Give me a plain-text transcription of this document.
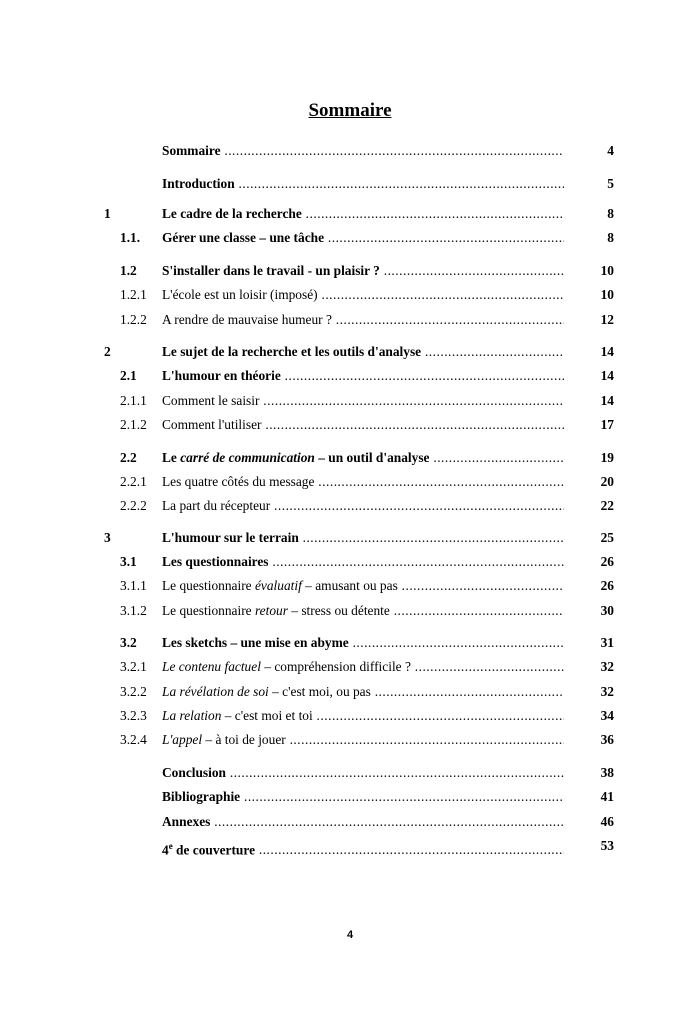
Sommaire
Sommaire .....	4
Introduction .....	5
1	Le cadre de la recherche .....	8
1.1. Gérer une classe – une tâche .....	8
1.2 S'installer dans le travail - un plaisir ? .....	10
1.2.1 L'école est un loisir (imposé) .....	10
1.2.2 A rendre de mauvaise humeur ? .....	12
2	Le sujet de la recherche et les outils d'analyse .....	14
2.1 L'humour en théorie .....	14
2.1.1 Comment le saisir .....	14
2.1.2 Comment l'utiliser .....	17
2.2 Le carré de communication – un outil d'analyse .....	19
2.2.1 Les quatre côtés du message .....	20
2.2.2 La part du récepteur .....	22
3	L'humour sur le terrain .....	25
3.1 Les questionnaires .....	26
3.1.1 Le questionnaire évaluatif – amusant ou pas .....	26
3.1.2 Le questionnaire retour – stress ou détente .....	30
3.2 Les sketchs – une mise en abyme .....	31
3.2.1 Le contenu factuel – compréhension difficile ? .....	32
3.2.2 La révélation de soi – c'est moi, ou pas .....	32
3.2.3 La relation – c'est moi et toi .....	34
3.2.4 L'appel – à toi de jouer .....	36
Conclusion .....	38
Bibliographie .....	41
Annexes .....	46
4e de couverture .....	53
4
